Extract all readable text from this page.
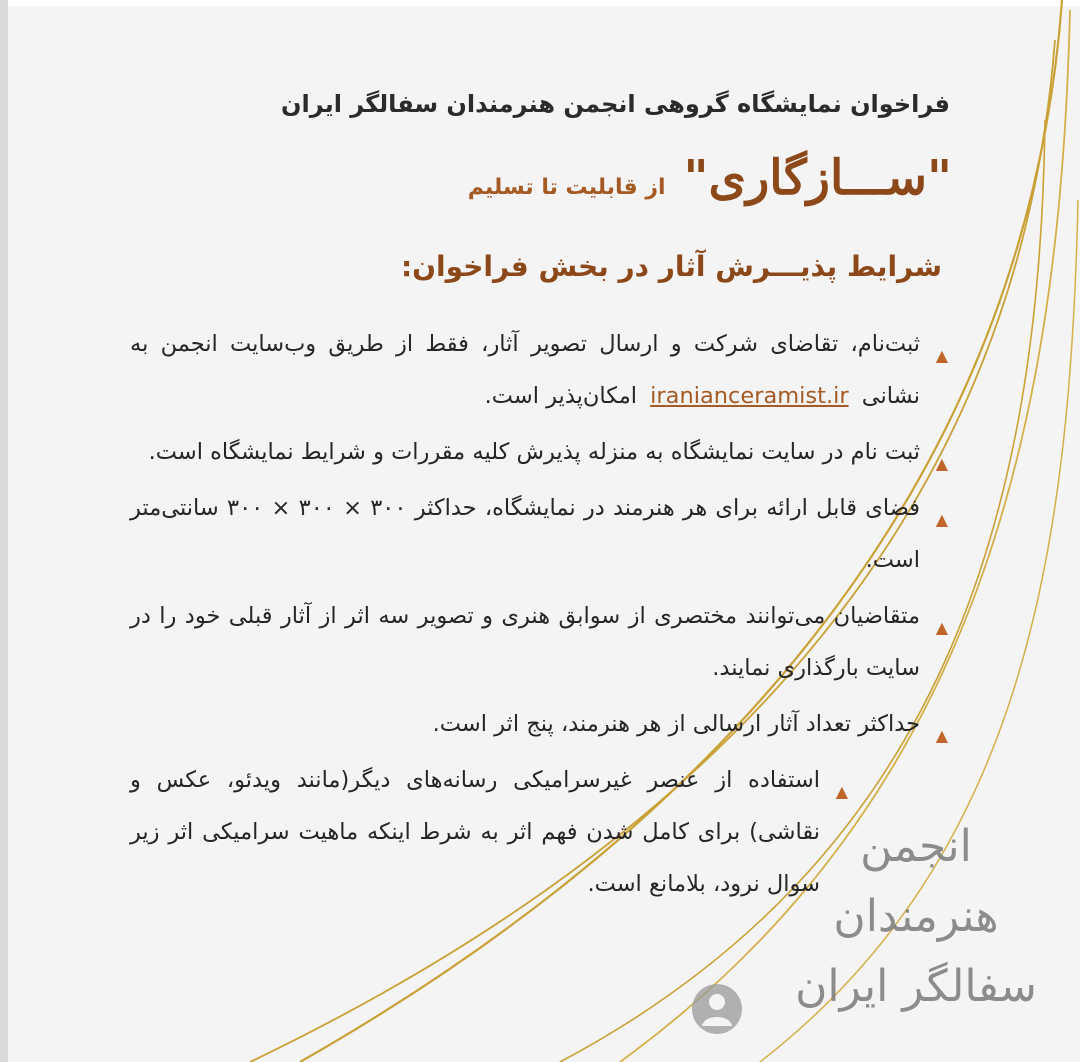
فراخوان نمایشگاه گروهی انجمن هنرمندان سفالگر ایران
"ســـازگاری"
از قابلیت تا تسلیم
شرایط پذیـــرش آثار در بخش فراخوان:
▲
ثبت‌نام، تقاضای شرکت و ارسال تصویر آثار، فقط از طریق وب‌سایت انجمن به نشانی iranianceramist.ir امکان‌پذیر است.
▲
ثبت نام در سایت نمایشگاه به منزله پذیرش کلیه مقررات و شرایط نمایشگاه است.
▲
فضای قابل ارائه برای هر هنرمند در نمایشگاه، حداکثر ۳۰۰ × ۳۰۰ × ۳۰۰ سانتی‌متر است.
▲
متقاضیان می‌توانند مختصری از سوابق هنری و تصویر سه اثر از آثار قبلی خود را در سایت بارگذاری نمایند.
▲
حداکثر تعداد آثار ارسالی از هر هنرمند، پنج اثر است.
▲
استفاده از عنصر غیرسرامیکی رسانه‌های دیگر(مانند ویدئو، عکس و نقاشی) برای کامل شدن فهم اثر به شرط اینکه ماهیت سرامیکی اثر زیر سوال نرود، بلامانع است.
انجمن
هنرمندان
سفالگر ایران
